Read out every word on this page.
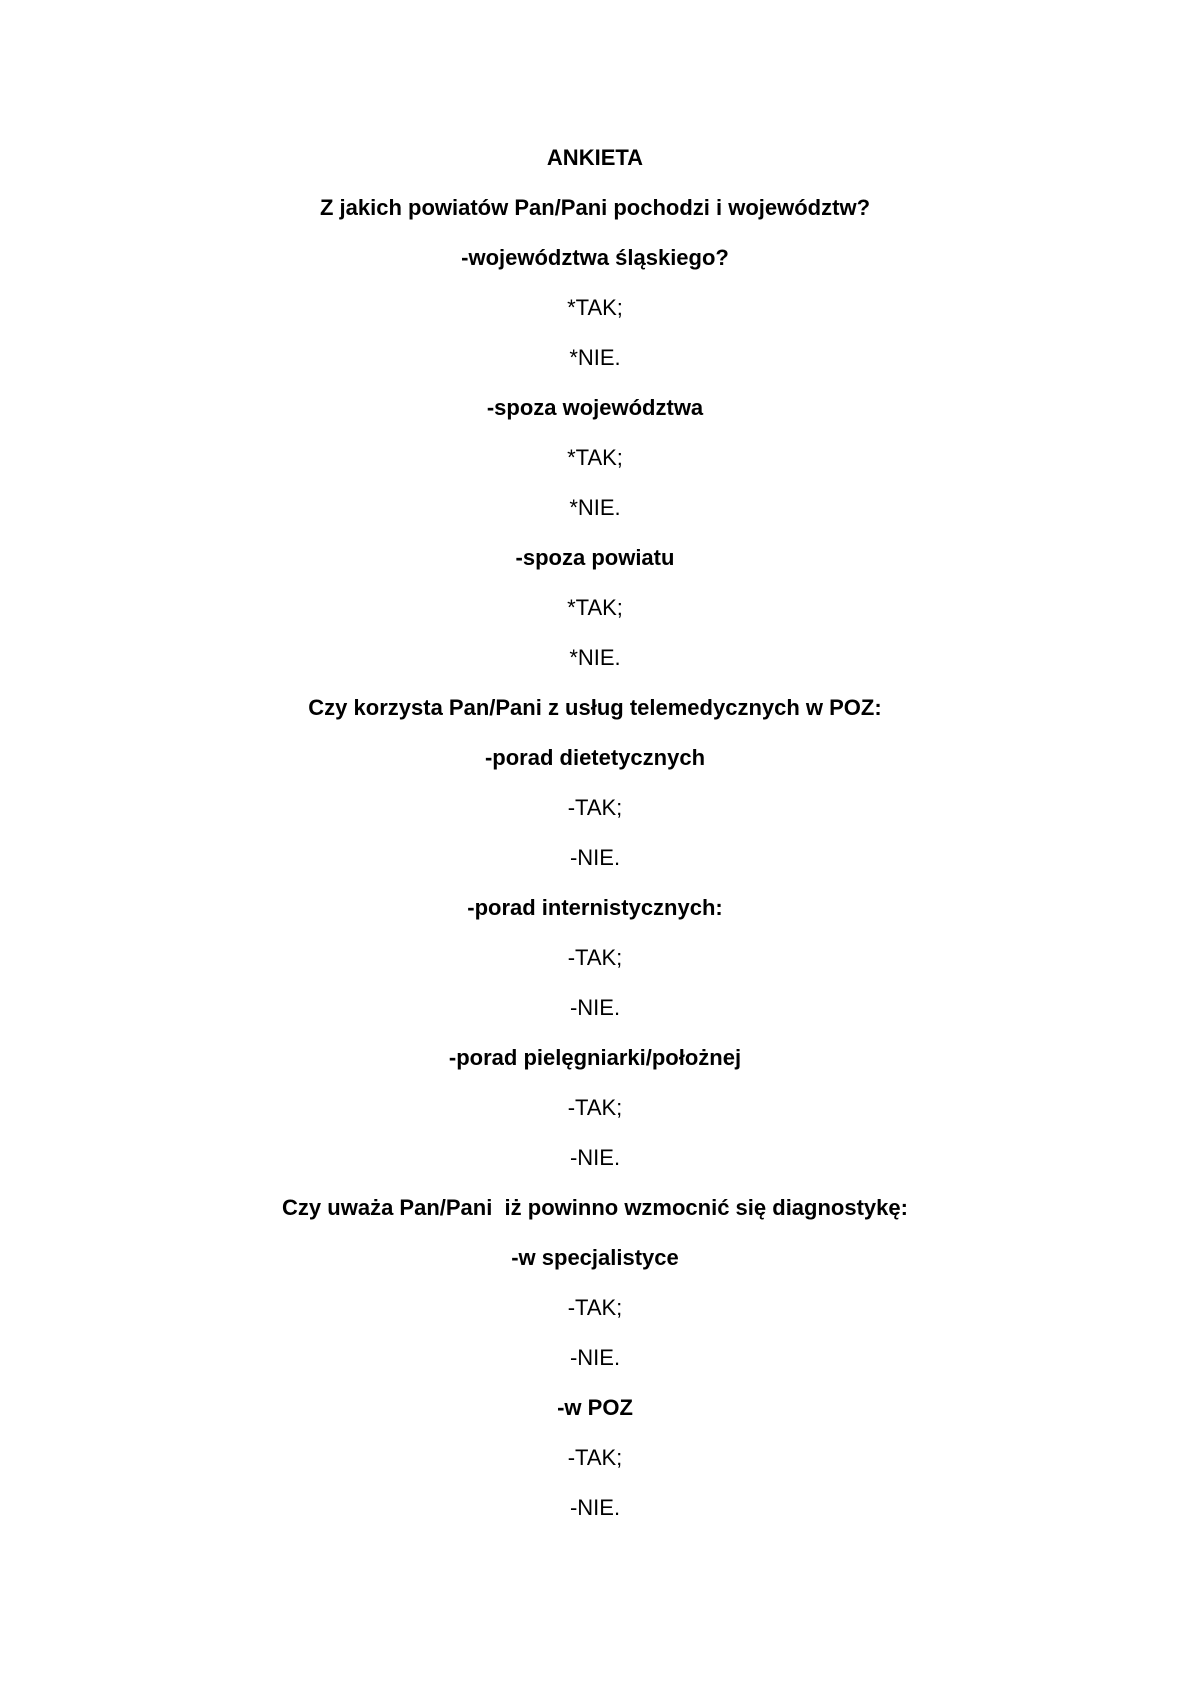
ANKIETA
Z jakich powiatów Pan/Pani pochodzi i województw?
-województwa śląskiego?
*TAK;
*NIE.
-spoza województwa
*TAK;
*NIE.
-spoza powiatu
*TAK;
*NIE.
Czy korzysta Pan/Pani z usług telemedycznych w POZ:
-porad dietetycznych
-TAK;
-NIE.
-porad internistycznych:
-TAK;
-NIE.
-porad pielęgniarki/położnej
-TAK;
-NIE.
Czy uważa Pan/Pani  iż powinno wzmocnić się diagnostykę:
-w specjalistyce
-TAK;
-NIE.
-w POZ
-TAK;
-NIE.
